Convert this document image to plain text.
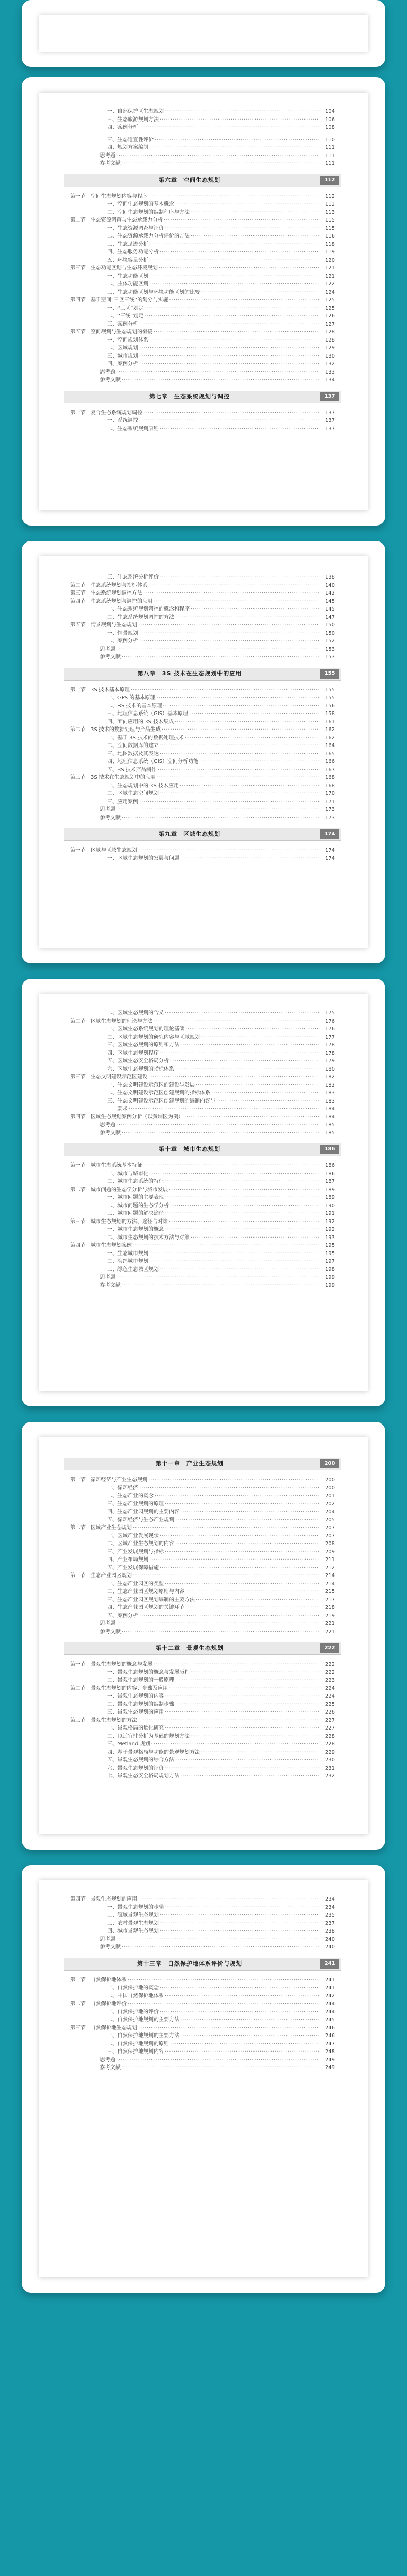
一、自然保护区生态规划 ·····	104
三、生态旅游规划方法 ·····	106
四、案例分析 ·····	108
三、生态适宜性评价 ·····	110
四、规划方案编制 ·····	111
思考题 ·····	111
参考文献 ·····	111
第六章　空间生态规划	112
第一节　空间生态规划内容与程序 ·····	112
一、空间生态规划的基本概念 ·····	112
二、空间生态规划的编制程序与方法 ·····	113
第二节　生态资源调查与生态承载力分析 ·····	115
一、生态资源调查与评价 ·····	115
二、生态资源承载力分析评价的方法 ·····	116
三、生态足迹分析 ·····	118
四、生态服务功能分析 ·····	119
五、环境容量分析 ·····	120
第三节　生态功能区划与生态环境规划 ·····	121
一、生态功能区划 ·····	121
二、主体功能区划 ·····	122
三、生态功能区划与环境功能区划的比较 ·····	124
第四节　基于空间“三区三线”的划分与实施 ·····	125
一、“三区”划定 ·····	125
二、“三线”划定 ·····	126
三、案例分析 ·····	127
第五节　空间规划与生态规划的衔接 ·····	128
一、空间规划体系 ·····	128
二、区域规划 ·····	129
三、城市规划 ·····	130
四、案例分析 ·····	132
思考题 ·····	133
参考文献 ·····	134
第七章　生态系统规划与调控	137
第一节　复合生态系统规划调控 ·····	137
一、系统调控 ·····	137
二、生态系统规划原则 ·····	137
三、生态系统分析评价 ·····	138
第二节　生态系统规划与指标体系 ·····	140
第三节　生态系统规划调控方法 ·····	142
第四节　生态系统规划与调控的应用 ·····	145
一、生态系统规划调控的概念和程序 ·····	145
二、生态系统规划调控的方法 ·····	147
第五节　情景规划与生态规划 ·····	150
一、情景规划 ·····	150
二、案例分析 ·····	152
思考题 ·····	153
参考文献 ·····	153
第八章　3S 技术在生态规划中的应用	155
第一节　3S 技术基本原理 ·····	155
一、GPS 的基本原理 ·····	155
二、RS 技术的基本原理 ·····	156
三、地理信息系统（GIS）基本原理 ·····	158
四、面向应用的 3S 技术集成 ·····	161
第二节　3S 技术的数据处理与产品生成 ·····	162
一、基于 3S 技术的数据处理技术 ·····	162
二、空间数据库的建立 ·····	164
三、地图数据及其表达 ·····	165
四、地理信息系统（GIS）空间分析功能 ·····	166
五、3S 技术产品制作 ·····	167
第三节　3S 技术在生态规划中的应用 ·····	168
一、生态规划中的 3S 技术应用 ·····	168
二、区域生态空间规划 ·····	170
三、应用案例 ·····	171
思考题 ·····	173
参考文献 ·····	173
第九章　区域生态规划	174
第一节　区域与区域生态规划 ·····	174
一、区域生态规划的发展与问题 ·····	174
二、区域生态规划的含义 ·····	175
第二节　区域生态规划的理论与方法 ·····	176
一、区域生态系统规划的理论基础 ·····	176
二、区域生态规划的研究内容与区域规划 ·····	177
三、区域生态规划的原则和方法 ·····	178
四、区域生态规划程序 ·····	178
五、区域生态安全格局分析 ·····	179
六、区域生态规划的指标体系 ·····	180
第三节　生态文明建设示范区建设 ·····	182
一、生态文明建设示范区的建设与发展 ·····	182
二、生态文明建设示范区创建规划的指标体系 ·····	183
三、生态文明建设示范区创建规划的编制内容与 ·····	183
　　要求 ·····	184
第四节　区域生态规划案例分析（以黄埔区为例） ·····	184
思考题 ·····	185
参考文献 ·····	185
第十章　城市生态规划	186
第一节　城市生态系统基本特征 ·····	186
一、城市与城市化 ·····	186
二、城市生态系统的特征 ·····	187
第二节　城市问题的生态学分析与城市发展 ·····	189
一、城市问题的主要表现 ·····	189
二、城市问题的生态学分析 ·····	190
三、城市问题的解决途径 ·····	191
第三节　城市生态规划的方法、途径与对策 ·····	192
一、城市生态规划的概念 ·····	192
二、城市生态规划的技术方法与对策 ·····	193
第四节　城市生态规划案例 ·····	195
一、生态城市规划 ·····	195
二、海绵城市规划 ·····	197
三、绿色生态城区规划 ·····	198
思考题 ·····	199
参考文献 ·····	199
第十一章　产业生态规划	200
第一节　循环经济与产业生态规划 ·····	200
一、循环经济 ·····	200
二、生态产业的概念 ·····	201
三、生态产业规划的原理 ·····	202
四、生态产业园规划的主要内容 ·····	204
五、循环经济与生态产业规划 ·····	205
第二节　区域产业生态规划 ·····	207
一、区域产业发展现状 ·····	207
二、区域产业生态规划的内容 ·····	208
三、产业发展规划与指标 ·····	209
四、产业布局规划 ·····	211
五、产业发展保障措施 ·····	212
第三节　生态产业园区规划 ·····	214
一、生态产业园区的类型 ·····	214
二、生态产业园区规划原则与内容 ·····	215
三、生态产业园区规划编制的主要方法 ·····	217
四、生态产业园区规划的关键环节 ·····	218
五、案例分析 ·····	219
思考题 ·····	221
参考文献 ·····	221
第十二章　景观生态规划	222
第一节　景观生态规划的概念与发展 ·····	222
一、景观生态规划的概念与发展历程 ·····	222
二、景观生态规划的一般原理 ·····	223
第二节　景观生态规划的内容、步骤及应用 ·····	224
一、景观生态规划的内容 ·····	224
二、景观生态规划的编制步骤 ·····	225
三、景观生态规划的应用 ·····	226
第三节　景观生态规划的方法 ·····	227
一、景观格局的量化研究 ·····	227
二、以适宜性分析为基础的规划方法 ·····	228
三、Metland 规划 ·····	228
四、基于景观格局与功能的景观规划方法 ·····	229
五、景观生态规划的综合方法 ·····	230
六、景观生态规划的评价 ·····	231
七、景观生态安全格局规划方法 ·····	232
第四节　景观生态规划的应用 ·····	234
一、景观生态规划的步骤 ·····	234
二、流域景观生态规划 ·····	235
三、农村景观生态规划 ·····	237
四、城市景观生态规划 ·····	238
思考题 ·····	240
参考文献 ·····	240
第十三章　自然保护地体系评价与规划	241
第一节　自然保护地体系 ·····	241
一、自然保护地的概念 ·····	241
二、中国自然保护地体系 ·····	242
第二节　自然保护地评价 ·····	244
一、自然保护地的评价 ·····	244
二、自然保护地规划的主要方法 ·····	245
第三节　自然保护地生态规划 ·····	246
一、自然保护地规划的主要方法 ·····	246
二、自然保护地规划的原则 ·····	247
三、自然保护地规划内容 ·····	248
思考题 ·····	249
参考文献 ·····	249
